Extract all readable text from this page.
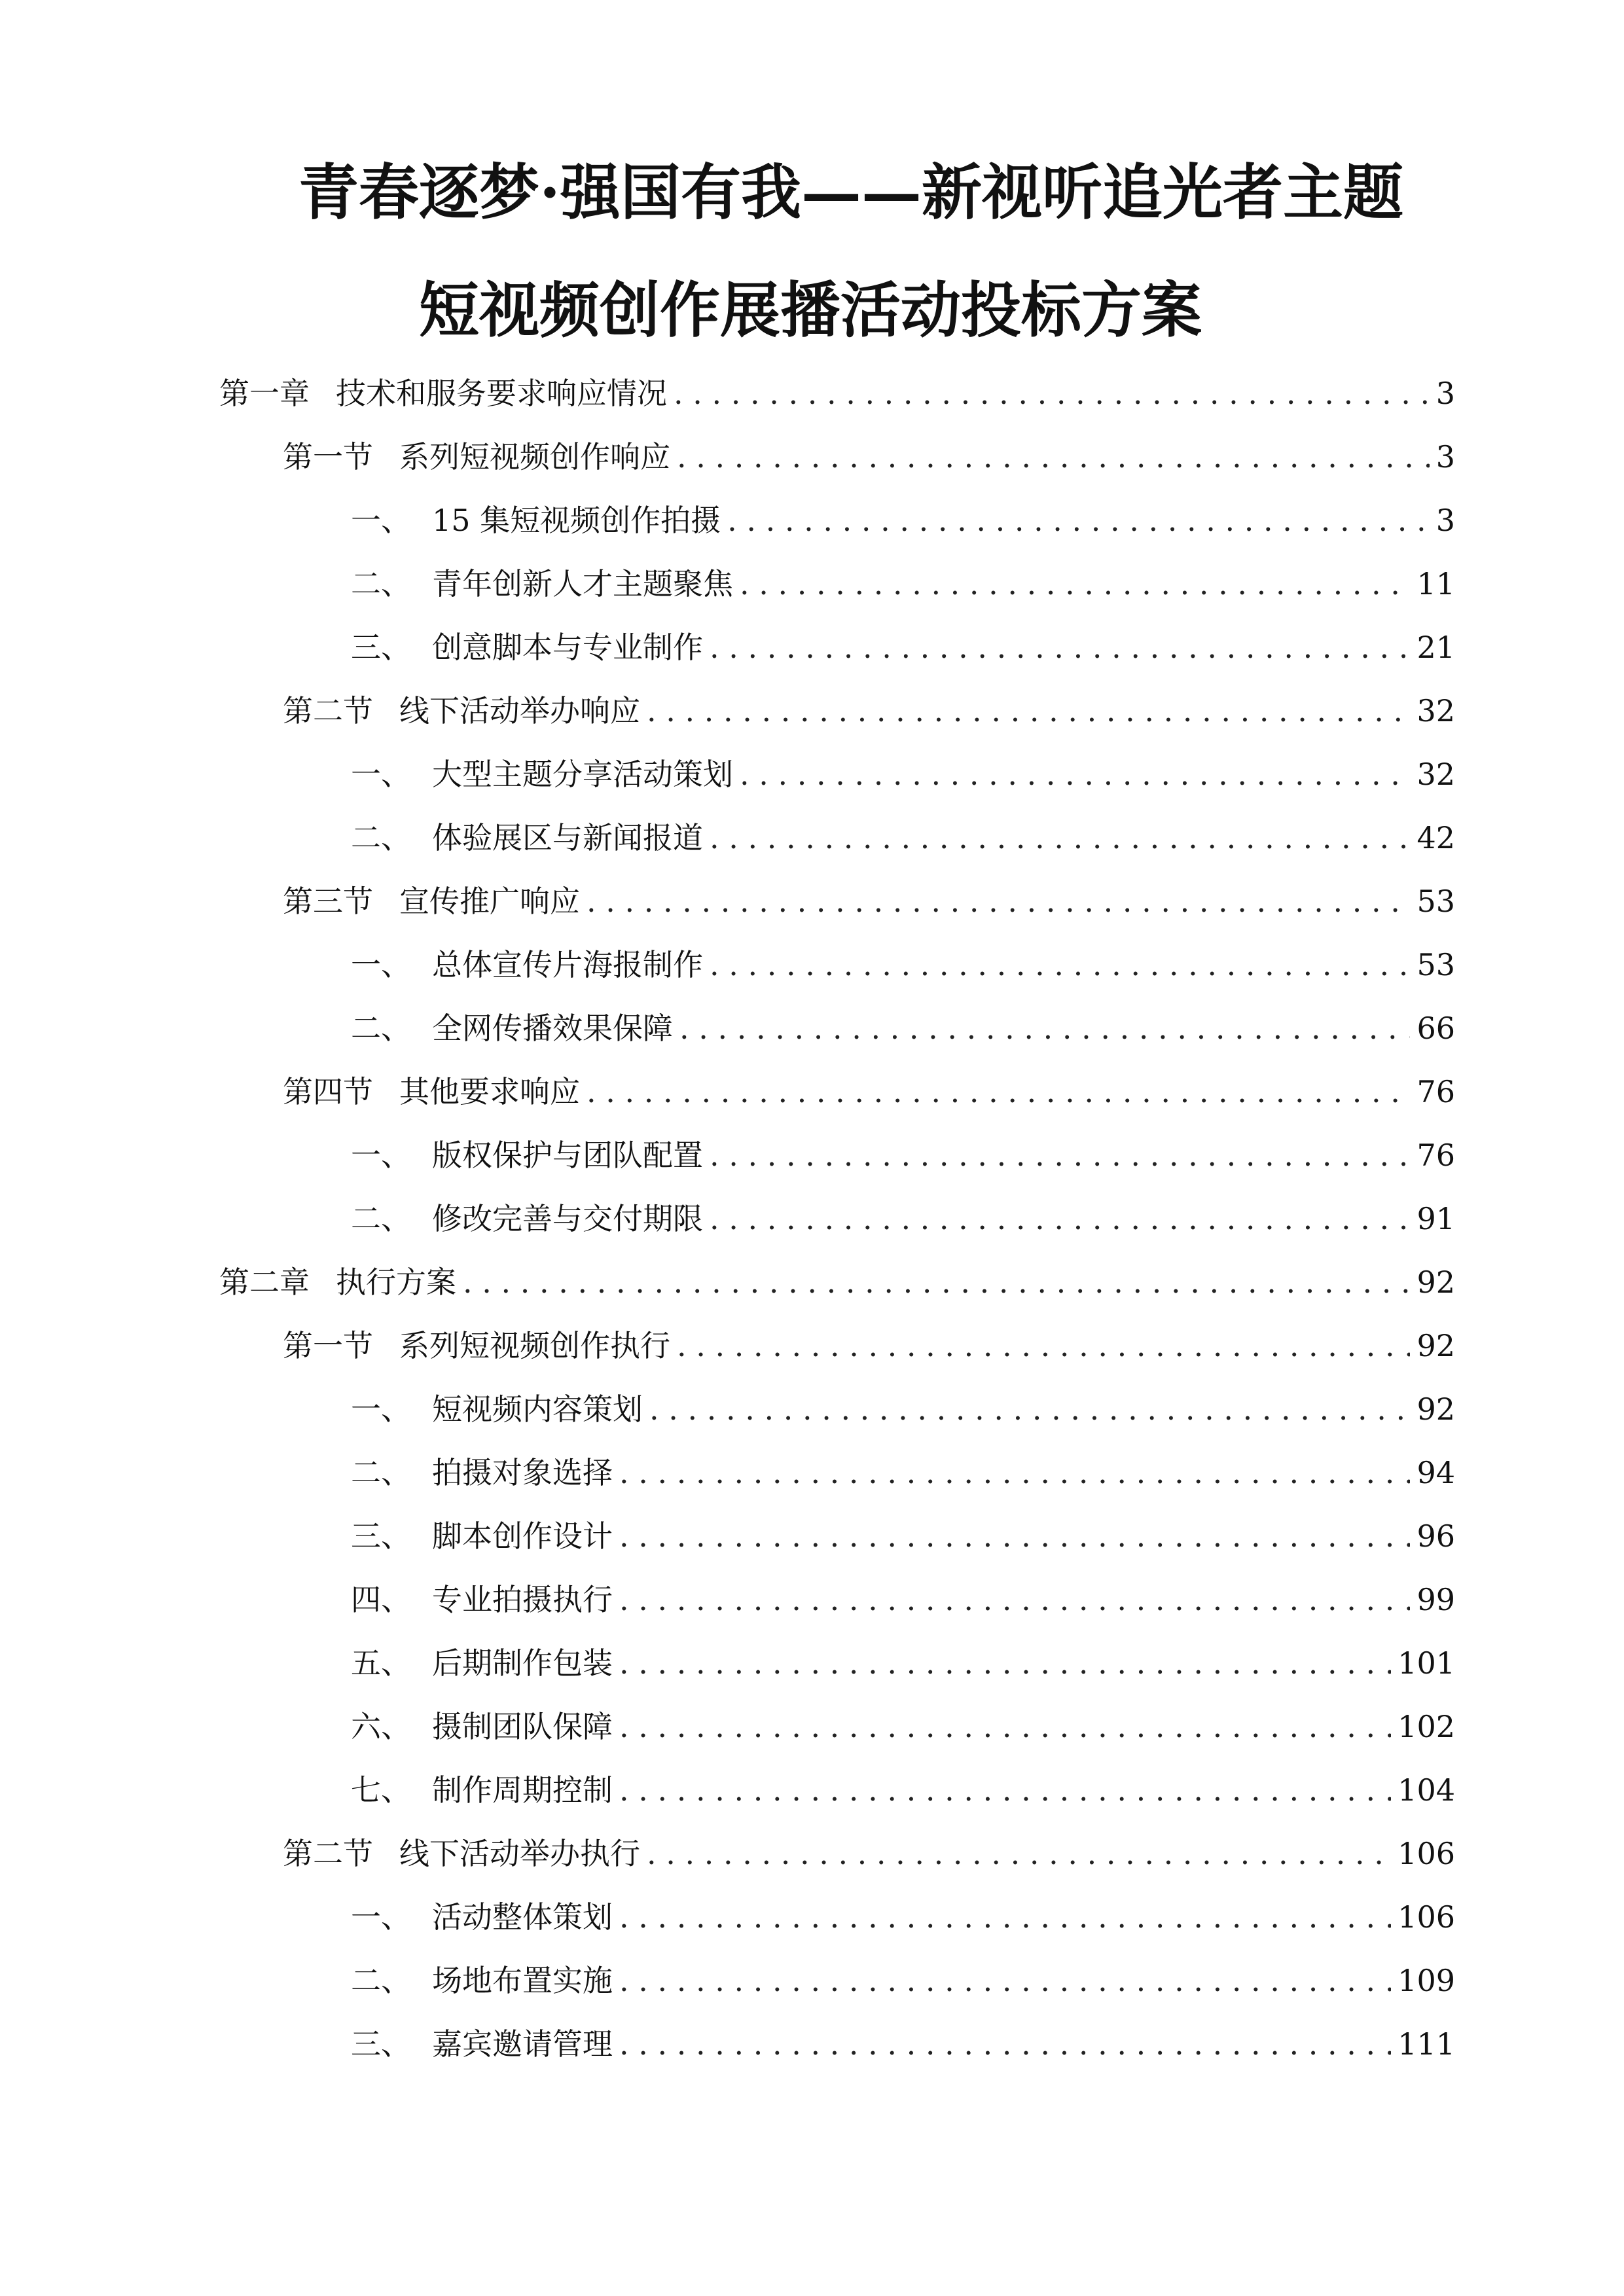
青春逐梦·强国有我——新视听追光者主题
短视频创作展播活动投标方案
第一章 技术和服务要求响应情况 . . .	3
第一节 系列短视频创作响应 . . .	3
一、 15 集短视频创作拍摄 . . .	3
二、 青年创新人才主题聚焦 . . .	11
三、 创意脚本与专业制作 . . .	21
第二节 线下活动举办响应 . . .	32
一、 大型主题分享活动策划 . . .	32
二、 体验展区与新闻报道 . . .	42
第三节 宣传推广响应 . . .	53
一、 总体宣传片海报制作 . . .	53
二、 全网传播效果保障 . . .	66
第四节 其他要求响应 . . .	76
一、 版权保护与团队配置 . . .	76
二、 修改完善与交付期限 . . .	91
第二章 执行方案 . . .	92
第一节 系列短视频创作执行 . . .	92
一、 短视频内容策划 . . .	92
二、 拍摄对象选择 . . .	94
三、 脚本创作设计 . . .	96
四、 专业拍摄执行 . . .	99
五、 后期制作包装 . . .	101
六、 摄制团队保障 . . .	102
七、 制作周期控制 . . .	104
第二节 线下活动举办执行 . . .	106
一、 活动整体策划 . . .	106
二、 场地布置实施 . . .	109
三、 嘉宾邀请管理 . . .	111
